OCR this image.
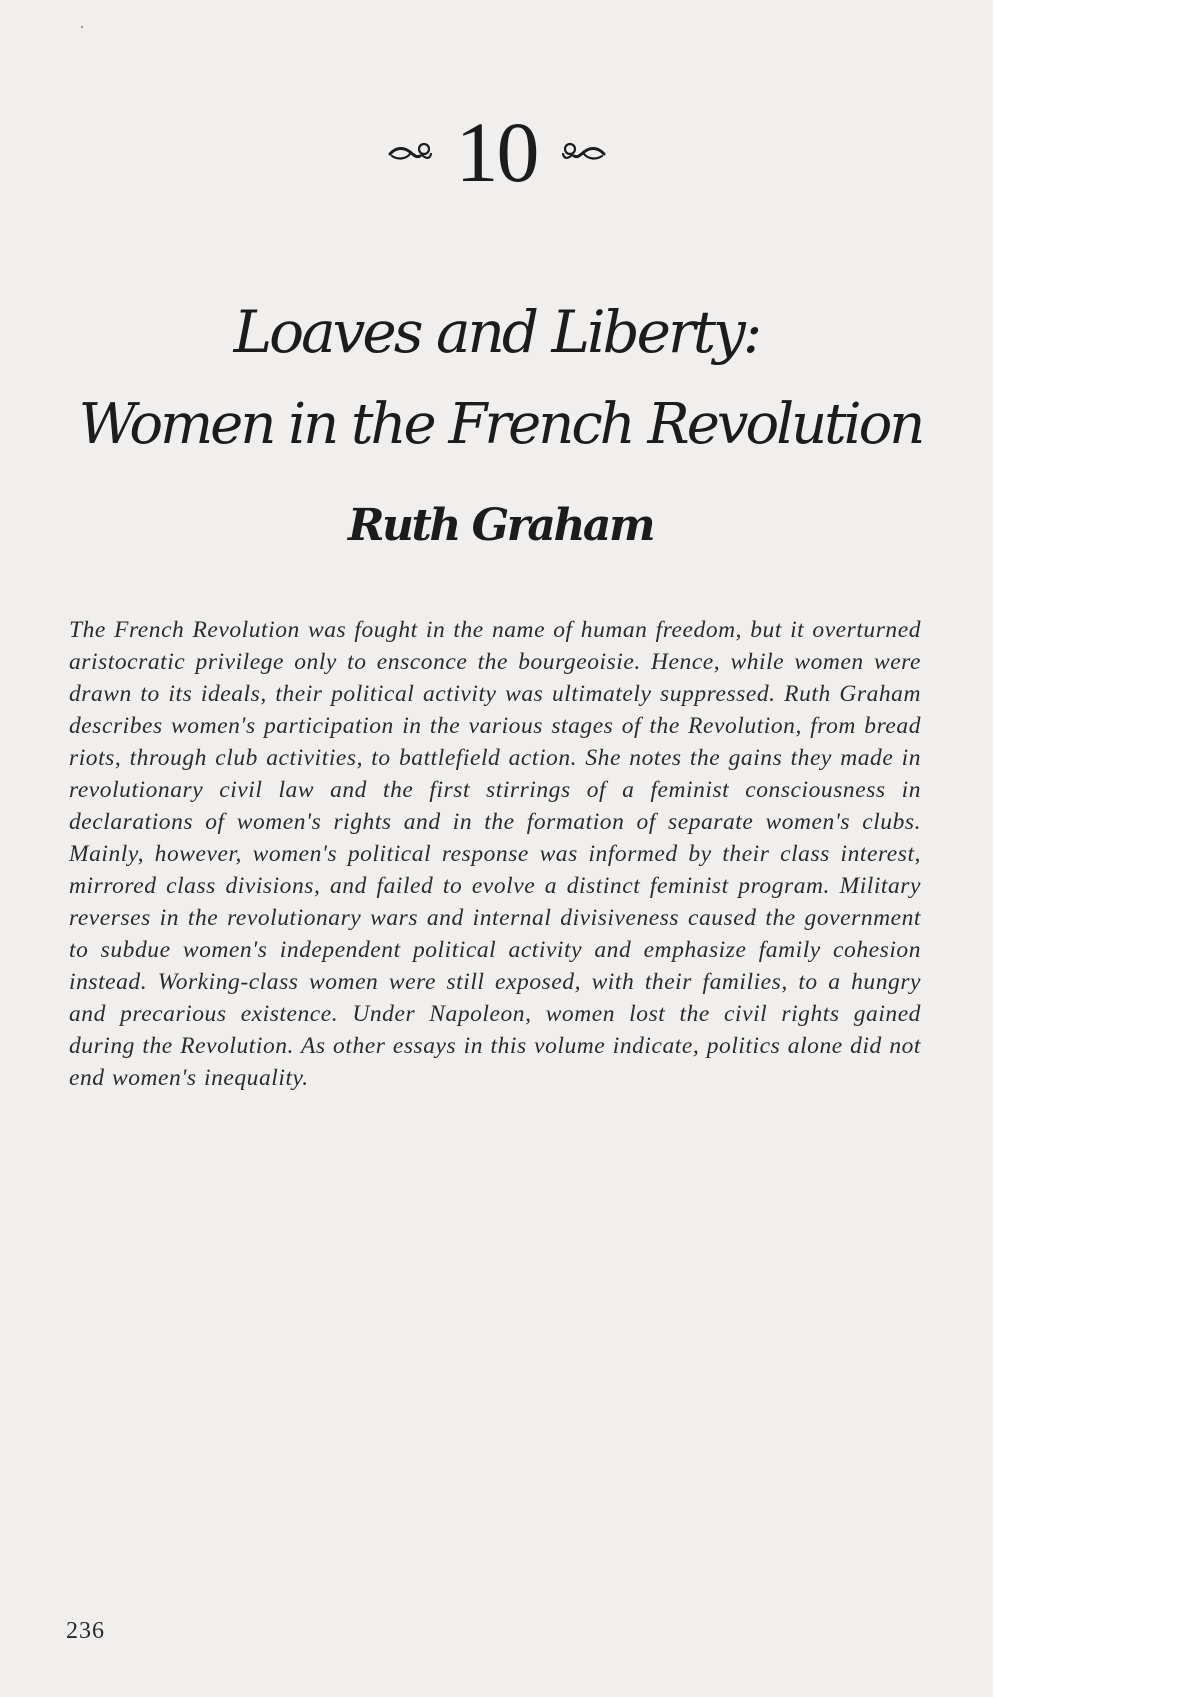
10
Loaves and Liberty:
Women in the French Revolution
Ruth Graham

The French Revolution was fought in the name of human freedom, but it overturned aristocratic privilege only to ensconce the bourgeoisie. Hence, while women were drawn to its ideals, their political activity was ultimately suppressed. Ruth Graham describes women's participation in the various stages of the Revolution, from bread riots, through club activities, to battlefield action. She notes the gains they made in revolutionary civil law and the first stirrings of a feminist consciousness in declarations of women's rights and in the formation of separate women's clubs. Mainly, however, women's political response was informed by their class interest, mirrored class divisions, and failed to evolve a distinct feminist program. Military reverses in the revolutionary wars and internal divisiveness caused the government to subdue women's independent political activity and emphasize family cohesion instead. Working-class women were still exposed, with their families, to a hungry and precarious existence. Under Napoleon, women lost the civil rights gained during the Revolution. As other essays in this volume indicate, politics alone did not end women's inequality.

236
